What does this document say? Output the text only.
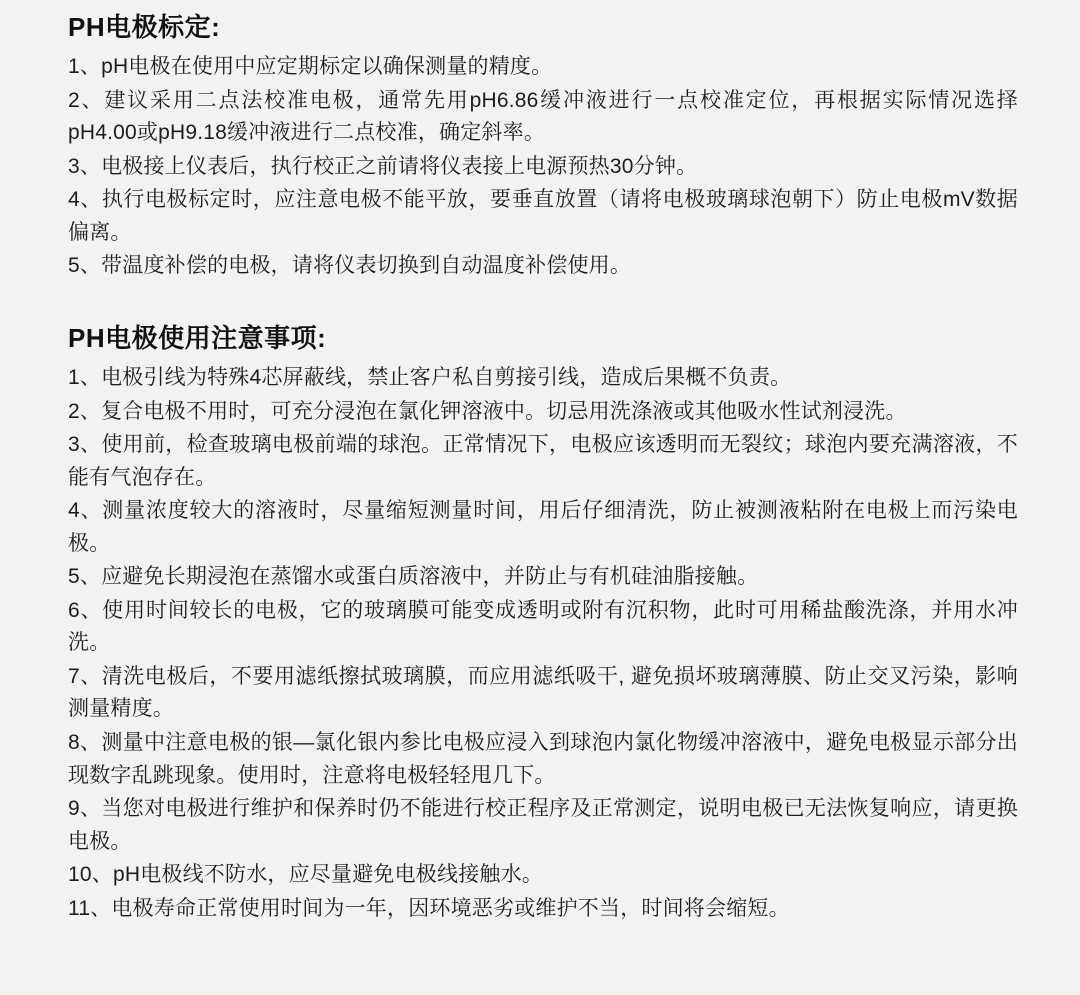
PH电极标定:

1、pH电极在使用中应定期标定以确保测量的精度。

2、建议采用二点法校准电极，通常先用pH6.86缓冲液进行一点校准定位，再根据实际情况选择pH4.00或pH9.18缓冲液进行二点校准，确定斜率。

3、电极接上仪表后，执行校正之前请将仪表接上电源预热30分钟。

4、执行电极标定时，应注意电极不能平放，要垂直放置（请将电极玻璃球泡朝下）防止电极mV数据偏离。

5、带温度补偿的电极，请将仪表切换到自动温度补偿使用。

PH电极使用注意事项:

1、电极引线为特殊4芯屏蔽线，禁止客户私自剪接引线，造成后果概不负责。

2、复合电极不用时，可充分浸泡在氯化钾溶液中。切忌用洗涤液或其他吸水性试剂浸洗。

3、使用前，检查玻璃电极前端的球泡。正常情况下，电极应该透明而无裂纹；球泡内要充满溶液，不能有气泡存在。

4、测量浓度较大的溶液时，尽量缩短测量时间，用后仔细清洗，防止被测液粘附在电极上而污染电极。

5、应避免长期浸泡在蒸馏水或蛋白质溶液中，并防止与有机硅油脂接触。

6、使用时间较长的电极，它的玻璃膜可能变成透明或附有沉积物，此时可用稀盐酸洗涤，并用水冲洗。

7、清洗电极后，不要用滤纸擦拭玻璃膜，而应用滤纸吸干, 避免损坏玻璃薄膜、防止交叉污染，影响测量精度。

8、测量中注意电极的银—氯化银内参比电极应浸入到球泡内氯化物缓冲溶液中，避免电极显示部分出现数字乱跳现象。使用时，注意将电极轻轻甩几下。

9、当您对电极进行维护和保养时仍不能进行校正程序及正常测定，说明电极已无法恢复响应，请更换电极。

10、pH电极线不防水，应尽量避免电极线接触水。

11、电极寿命正常使用时间为一年，因环境恶劣或维护不当，时间将会缩短。
